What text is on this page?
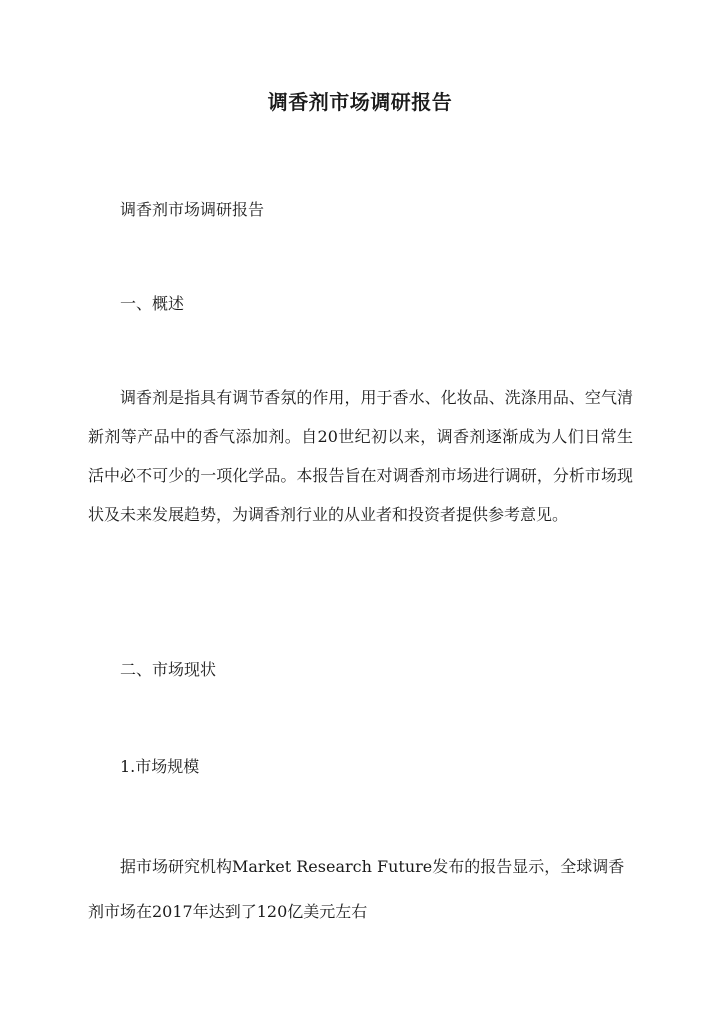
调香剂市场调研报告

调香剂市场调研报告

一、概述

调香剂是指具有调节香氛的作用，用于香水、化妆品、洗涤用品、空气清新剂等产品中的香气添加剂。自20世纪初以来，调香剂逐渐成为人们日常生活中必不可少的一项化学品。本报告旨在对调香剂市场进行调研，分析市场现状及未来发展趋势，为调香剂行业的从业者和投资者提供参考意见。

二、市场现状

1.市场规模

据市场研究机构Market Research Future发布的报告显示，全球调香剂市场在2017年达到了120亿美元左右
